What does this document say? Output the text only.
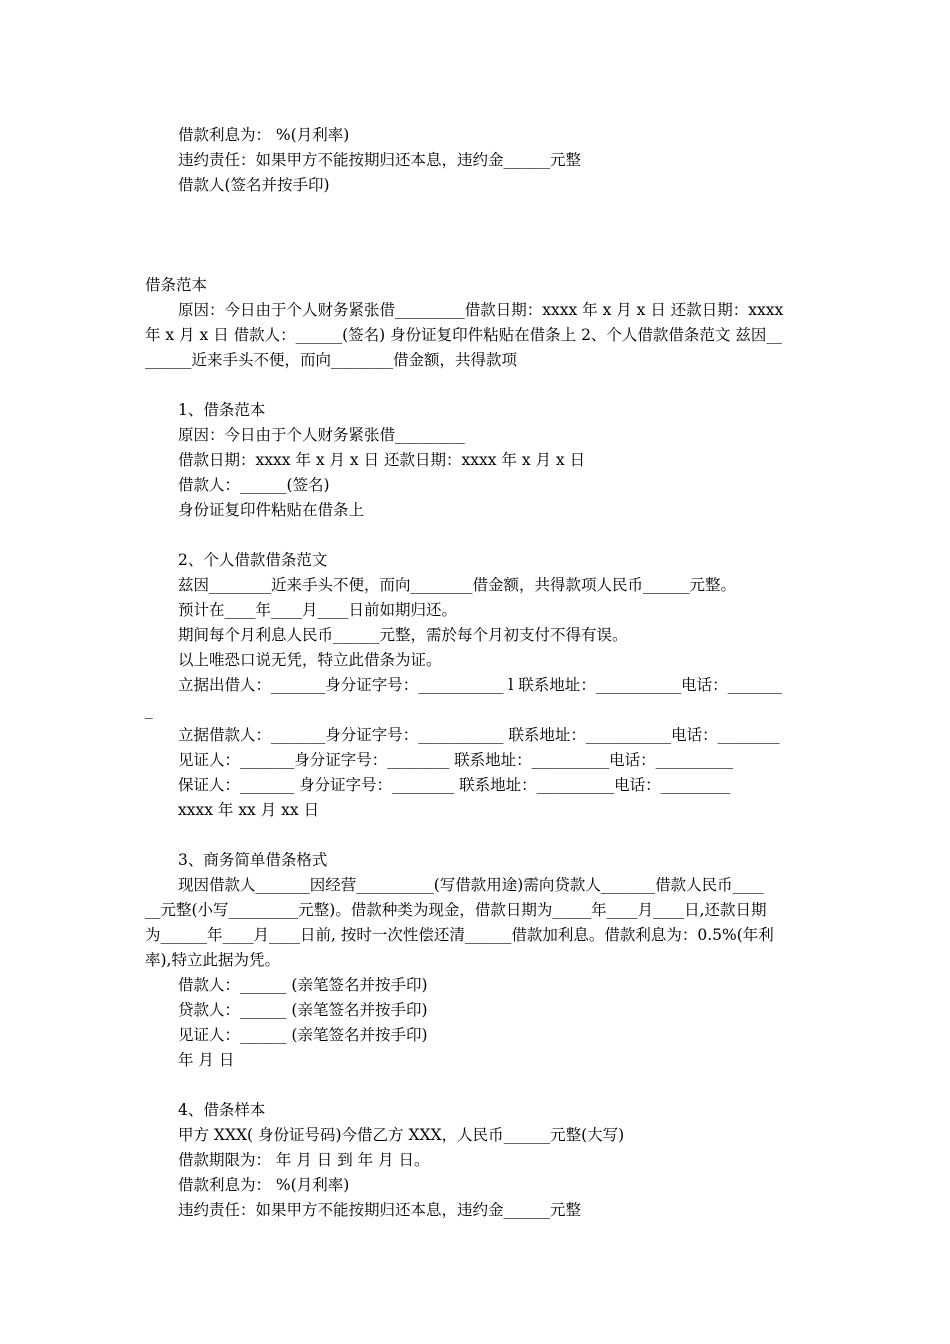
借款利息为： %(月利率)
违约责任：如果甲方不能按期归还本息，违约金______元整
借款人(签名并按手印)
借条范本
原因：今日由于个人财务紧张借_________借款日期：xxxx 年 x 月 x 日 还款日期：xxxx
年 x 月 x 日 借款人：______(签名) 身份证复印件粘贴在借条上 2、个人借款借条范文 兹因__
______近来手头不便，而向________借金额，共得款项
1、借条范本
原因：今日由于个人财务紧张借_________
借款日期：xxxx 年 x 月 x 日 还款日期：xxxx 年 x 月 x 日
借款人：______(签名)
身份证复印件粘贴在借条上
2、个人借款借条范文
兹因________近来手头不便，而向________借金额，共得款项人民币______元整。
预计在____年____月____日前如期归还。
期间每个月利息人民币______元整，需於每个月初支付不得有误。
以上唯恐口说无凭，特立此借条为证。
立据出借人：_______身分证字号：___________ l 联系地址：___________电话：_______
_
立据借款人：_______身分证字号：___________ 联系地址：___________电话：________
见证人：_______身分证字号：________ 联系地址：__________电话：__________
保证人：_______ 身分证字号：________ 联系地址：__________电话：_________
xxxx 年 xx 月 xx 日
3、商务简单借条格式
现因借款人_______因经营__________(写借款用途)需向贷款人_______借款人民币____
__元整(小写_________元整)。借款种类为现金，借款日期为_____年____月____日,还款日期
为______年____月____日前, 按时一次性偿还清______借款加利息。借款利息为：0.5%(年利
率),特立此据为凭。
借款人：______ (亲笔签名并按手印)
贷款人：______ (亲笔签名并按手印)
见证人：______ (亲笔签名并按手印)
年 月 日
4、借条样本
甲方 XXX( 身份证号码)今借乙方 XXX，人民币______元整(大写)
借款期限为： 年 月 日 到 年 月 日。
借款利息为： %(月利率)
违约责任：如果甲方不能按期归还本息，违约金______元整
